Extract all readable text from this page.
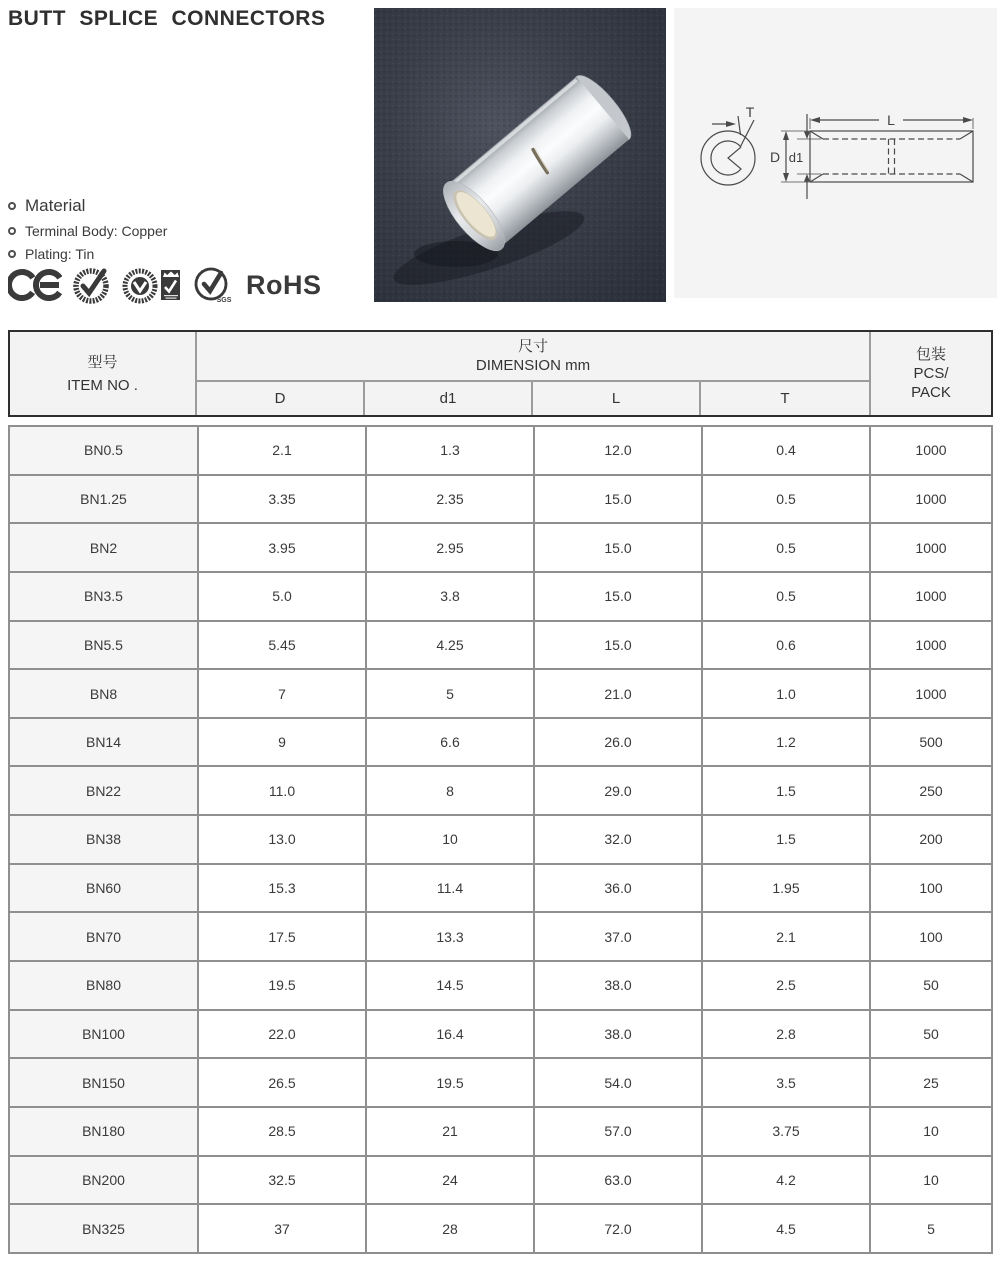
BUTT SPLICE CONNECTORS
T	L
D d1
Material
Terminal Body: Copper
Plating: Tin
SGS
RoHS
型号
ITEM NO .
尺寸
DIMENSION mm
包装
PCS/
PACK
D	d1	L	T
BN0.5	2.1	1.3	12.0	0.4	1000
BN1.25	3.35	2.35	15.0	0.5	1000
BN2	3.95	2.95	15.0	0.5	1000
BN3.5	5.0	3.8	15.0	0.5	1000
BN5.5	5.45	4.25	15.0	0.6	1000
BN8	7	5	21.0	1.0	1000
BN14	9	6.6	26.0	1.2	500
BN22	11.0	8	29.0	1.5	250
BN38	13.0	10	32.0	1.5	200
BN60	15.3	11.4	36.0	1.95	100
BN70	17.5	13.3	37.0	2.1	100
BN80	19.5	14.5	38.0	2.5	50
BN100	22.0	16.4	38.0	2.8	50
BN150	26.5	19.5	54.0	3.5	25
BN180	28.5	21	57.0	3.75	10
BN200	32.5	24	63.0	4.2	10
BN325	37	28	72.0	4.5	5
